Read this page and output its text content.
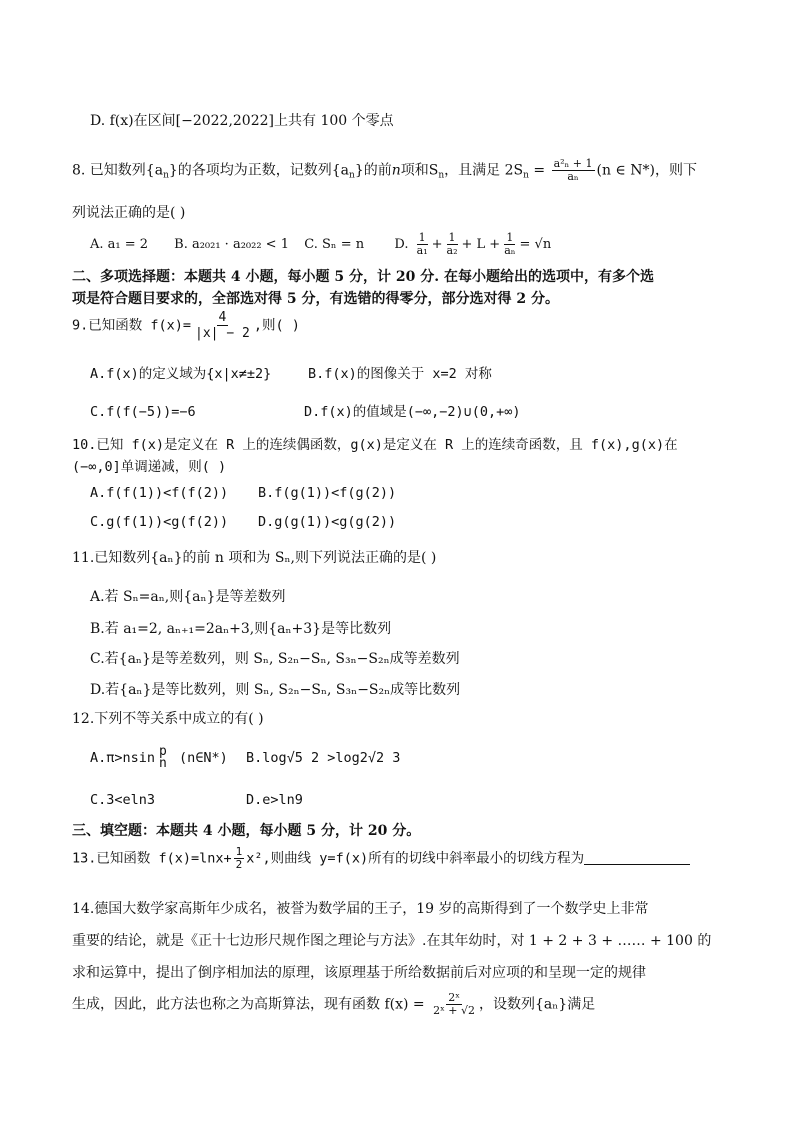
D. f(x)在区间[−2022,2022]上共有 100 个零点
8. 已知数列$\{a_n\}$的各项均为正数，记数列$\{a_n\}$的前n项和$S_n$，且满足 $2S_n = \frac{\text{a²ₙ + 1}}{\text{aₙ}} (n$ ∈ N*)，则下
列说法正确的是( )
A. a₁ = 2 B. a₂₀₂₁ · a₂₀₂₂ < 1 C. Sₙ = n D. $\frac{1}{\text{a₁}} + \frac{1}{\text{a₂}} + L + \frac{1}{\text{aₙ}} = √n$
二、多项选择题：本题共 4 小题，每小题 5 分，计 20 分. 在每小题给出的选项中，有多个选
项是符合题目要求的，全部选对得 5 分，有选错的得零分，部分选对得 2 分。
9.已知函数 $f(x)= \frac{4}{|x| - 2}$ ,则( )
A.f(x)的定义域为{x|x≠±2}	B.f(x)的图像关于 x=2 对称
C.f(f(−5))=−6	D.f(x)的值域是(−∞,−2)∪(0,+∞)
10.已知 f(x)是定义在 R 上的连续偶函数，g(x)是定义在 R 上的连续奇函数，且 f(x),g(x)在
(−∞,0]单调递减，则( )
A.f(f(1))<f(f(2)) B.f(g(1))<f(g(2))
C.g(f(1))<g(f(2)) D.g(g(1))<g(g(2))
11.已知数列{aₙ}的前 n 项和为 Sₙ,则下列说法正确的是( )
A.若 Sₙ=aₙ,则{aₙ}是等差数列
B.若 a₁=2, aₙ₊₁=2aₙ+3,则{aₙ+3}是等比数列
C.若{aₙ}是等差数列，则 Sₙ, S₂ₙ−Sₙ, S₃ₙ−S₂ₙ成等差数列
D.若{aₙ}是等比数列，则 Sₙ, S₂ₙ−Sₙ, S₃ₙ−S₂ₙ成等比数列
12.下列不等关系中成立的有( )
A.π>nsin p
n (n∈N*) B.log√5 2 >log2√2 3
C.3<eln3	D.e>ln9
三、填空题：本题共 4 小题，每小题 5 分，计 20 分。
13.已知函数 $f(x)=\ln x+ \frac{1}{2} x^2$,则曲线 y=f(x)所有的切线中斜率最小的切线方程为
14.德国大数学家高斯年少成名，被誉为数学届的王子，19 岁的高斯得到了一个数学史上非常
重要的结论，就是《正十七边形尺规作图之理论与方法》.在其年幼时，对 1 + 2 + 3 + …… + 100 的
求和运算中，提出了倒序相加法的原理，该原理基于所给数据前后对应项的和呈现一定的规律
生成，因此，此方法也称之为高斯算法，现有函数 $f(x) = \frac{\text{2ˣ}}{\text{2ˣ + √2}}$ ，设数列{aₙ}满足
